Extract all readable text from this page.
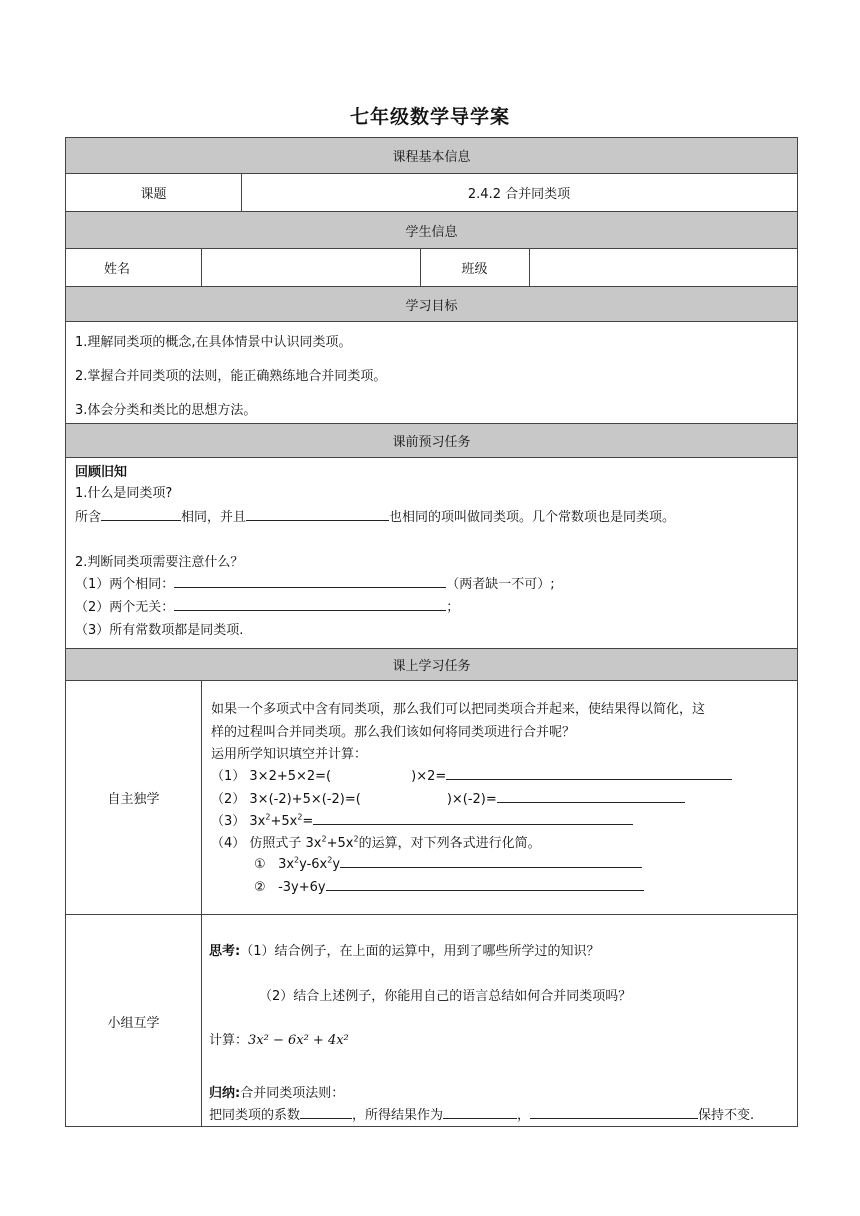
七年级数学导学案
课程基本信息
课题	2.4.2 合并同类项
学生信息
姓名	班级
学习目标
1.理解同类项的概念,在具体情景中认识同类项。
2.掌握合并同类项的法则，能正确熟练地合并同类项。
3.体会分类和类比的思想方法。
课前预习任务
回顾旧知
1.什么是同类项?
所含	相同，并且	也相同的项叫做同类项。几个常数项也是同类项。
2.判断同类项需要注意什么？
（1）两个相同：	（两者缺一不可）;
（2）两个无关：	；
（3）所有常数项都是同类项.
课上学习任务
自主独学
如果一个多项式中含有同类项，那么我们可以把同类项合并起来，使结果得以简化，这
样的过程叫合并同类项。那么我们该如何将同类项进行合并呢？
运用所学知识填空并计算：
（1） 3×2+5×2=(	)×2=
（2） 3×(-2)+5×(-2)=(	)×(-2)=
（3） $3x^2+5x^2=$
（4） 仿照式子 $3x^2+5x^2$的运算，对下列各式进行化简。
① $3x^2y-6x^2y$
② -3y+6y
小组互学
思考:（1）结合例子，在上面的运算中，用到了哪些所学过的知识？
（2）结合上述例子，你能用自己的语言总结如何合并同类项吗？
计算：3x² − 6x² + 4x²
归纳:合并同类项法则：
把同类项的系数	，所得结果作为	，	保持不变.
